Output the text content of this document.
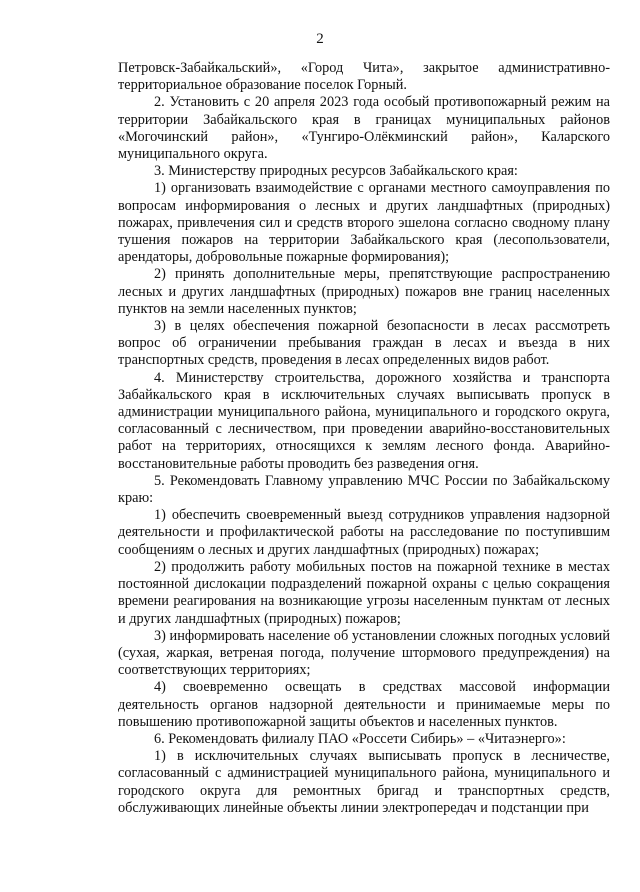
2

Петровск-Забайкальский», «Город Чита», закрытое административно-территориальное образование поселок Горный.

2. Установить с 20 апреля 2023 года особый противопожарный режим на территории Забайкальского края в границах муниципальных районов «Могочинский район», «Тунгиро-Олёкминский район», Каларского муниципального округа.

3. Министерству природных ресурсов Забайкальского края:

1) организовать взаимодействие с органами местного самоуправления по вопросам информирования о лесных и других ландшафтных (природных) пожарах, привлечения сил и средств второго эшелона согласно сводному плану тушения пожаров на территории Забайкальского края (лесопользователи, арендаторы, добровольные пожарные формирования);

2) принять дополнительные меры, препятствующие распространению лесных и других ландшафтных (природных) пожаров вне границ населенных пунктов на земли населенных пунктов;

3) в целях обеспечения пожарной безопасности в лесах рассмотреть вопрос об ограничении пребывания граждан в лесах и въезда в них транспортных средств, проведения в лесах определенных видов работ.

4. Министерству строительства, дорожного хозяйства и транспорта Забайкальского края в исключительных случаях выписывать пропуск в администрации муниципального района, муниципального и городского округа, согласованный с лесничеством, при проведении аварийно-восстановительных работ на территориях, относящихся к землям лесного фонда. Аварийно-восстановительные работы проводить без разведения огня.

5. Рекомендовать Главному управлению МЧС России по Забайкальскому краю:

1) обеспечить своевременный выезд сотрудников управления надзорной деятельности и профилактической работы на расследование по поступившим сообщениям о лесных и других ландшафтных (природных) пожарах;

2) продолжить работу мобильных постов на пожарной технике в местах постоянной дислокации подразделений пожарной охраны с целью сокращения времени реагирования на возникающие угрозы населенным пунктам от лесных и других ландшафтных (природных) пожаров;

3) информировать население об установлении сложных погодных условий (сухая, жаркая, ветреная погода, получение штормового предупреждения) на соответствующих территориях;

4) своевременно освещать в средствах массовой информации деятельность органов надзорной деятельности и принимаемые меры по повышению противопожарной защиты объектов и населенных пунктов.

6. Рекомендовать филиалу ПАО «Россети Сибирь» – «Читаэнерго»:

1) в исключительных случаях выписывать пропуск в лесничестве, согласованный с администрацией муниципального района, муниципального и городского округа для ремонтных бригад и транспортных средств, обслуживающих линейные объекты линии электропередач и подстанции при
